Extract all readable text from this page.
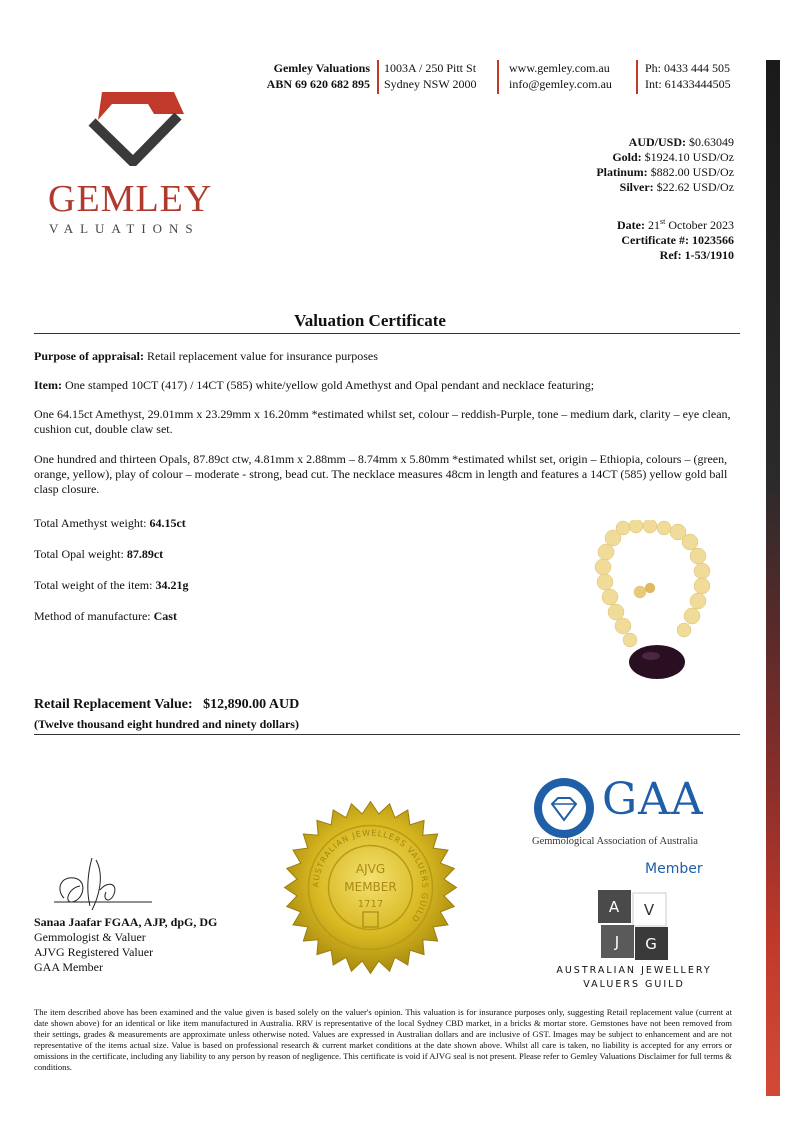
Gemley Valuations
ABN 69 620 682 895
1003A / 250 Pitt St
Sydney NSW 2000
www.gemley.com.au
info@gemley.com.au
Ph: 0433 444 505
Int: 61433444505
GEMLEY
VALUATIONS
AUD/USD: $0.63049
Gold: $1924.10 USD/Oz
Platinum: $882.00 USD/Oz
Silver: $22.62 USD/Oz
Date: 21st October 2023
Certificate #: 1023566
Ref: 1-53/1910
Valuation Certificate
Purpose of appraisal: Retail replacement value for insurance purposes
Item: One stamped 10CT (417) / 14CT (585) white/yellow gold Amethyst and Opal pendant and necklace featuring;
One 64.15ct Amethyst, 29.01mm x 23.29mm x 16.20mm *estimated whilst set, colour – reddish-Purple, tone – medium dark, clarity – eye clean, cushion cut, double claw set.
One hundred and thirteen Opals, 87.89ct ctw, 4.81mm x 2.88mm – 8.74mm x 5.80mm *estimated whilst set, origin – Ethiopia, colours – (green, orange, yellow), play of colour – moderate - strong, bead cut. The necklace measures 48cm in length and features a 14CT (585) yellow gold ball clasp closure.
Total Amethyst weight: 64.15ct
Total Opal weight: 87.89ct
Total weight of the item: 34.21g
Method of manufacture: Cast
Retail Replacement Value: $12,890.00 AUD
(Twelve thousand eight hundred and ninety dollars)
AUSTRALIAN JEWELLERS VALUERS GUILD
AJVG
MEMBER
1717
Sanaa Jaafar FGAA, AJP, dpG, DG
Gemmologist & Valuer
AJVG Registered Valuer
GAA Member
GAA
Gemmological Association of Australia
Member
A V
J G
AUSTRALIAN JEWELLERY
VALUERS GUILD
The item described above has been examined and the value given is based solely on the valuer's opinion. This valuation is for insurance purposes only, suggesting Retail replacement value (current at date shown above) for an identical or like item manufactured in Australia. RRV is representative of the local Sydney CBD market, in a bricks & mortar store. Gemstones have not been removed from their settings, grades & measurements are approximate unless otherwise noted. Values are expressed in Australian dollars and are inclusive of GST. Images may be subject to enhancement and are not representative of the items actual size. Value is based on professional research & current market conditions at the date shown above. Whilst all care is taken, no liability is accepted for any errors or omissions in the certificate, including any liability to any person by reason of negligence. This certificate is void if AJVG seal is not present. Please refer to Gemley Valuations Disclaimer for full terms & conditions.
